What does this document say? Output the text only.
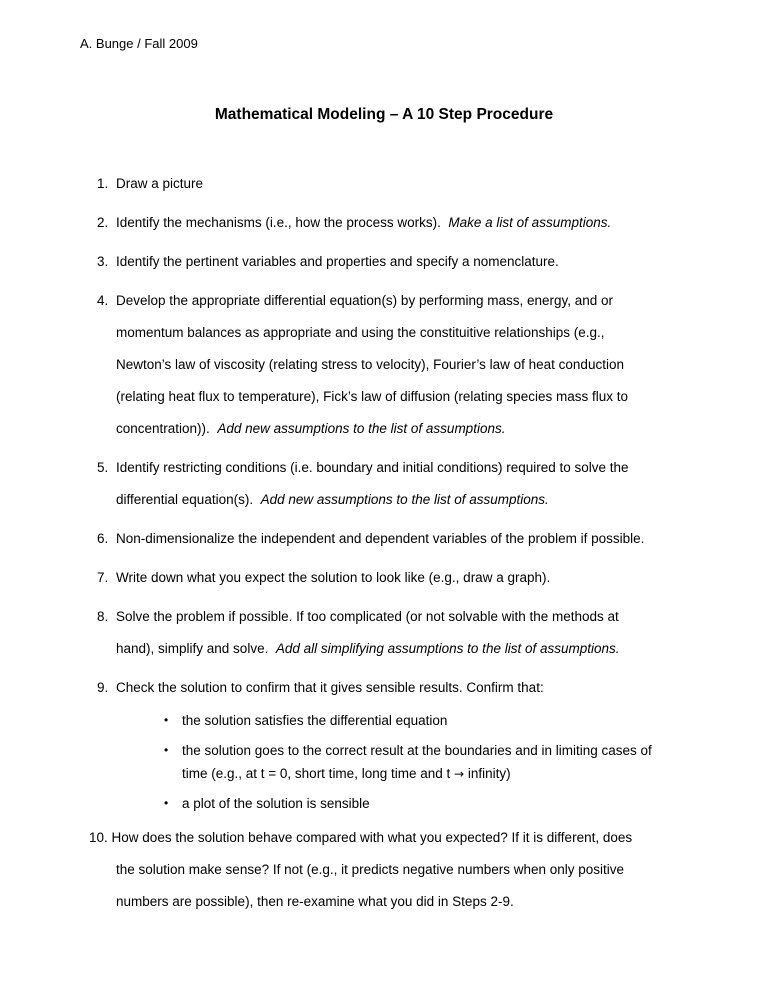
A. Bunge / Fall 2009
Mathematical Modeling – A 10 Step Procedure
1. Draw a picture
2. Identify the mechanisms (i.e., how the process works). Make a list of assumptions.
3. Identify the pertinent variables and properties and specify a nomenclature.
4. Develop the appropriate differential equation(s) by performing mass, energy, and or
momentum balances as appropriate and using the constituitive relationships (e.g.,
Newton’s law of viscosity (relating stress to velocity), Fourier’s law of heat conduction
(relating heat flux to temperature), Fick’s law of diffusion (relating species mass flux to
concentration)). Add new assumptions to the list of assumptions.
5. Identify restricting conditions (i.e. boundary and initial conditions) required to solve the
differential equation(s). Add new assumptions to the list of assumptions.
6. Non-dimensionalize the independent and dependent variables of the problem if possible.
7. Write down what you expect the solution to look like (e.g., draw a graph).
8. Solve the problem if possible. If too complicated (or not solvable with the methods at
hand), simplify and solve. Add all simplifying assumptions to the list of assumptions.
9. Check the solution to confirm that it gives sensible results. Confirm that:
• the solution satisfies the differential equation
• the solution goes to the correct result at the boundaries and in limiting cases of
time (e.g., at t = 0, short time, long time and t → infinity)
• a plot of the solution is sensible
10. How does the solution behave compared with what you expected? If it is different, does
the solution make sense? If not (e.g., it predicts negative numbers when only positive
numbers are possible), then re-examine what you did in Steps 2-9.
